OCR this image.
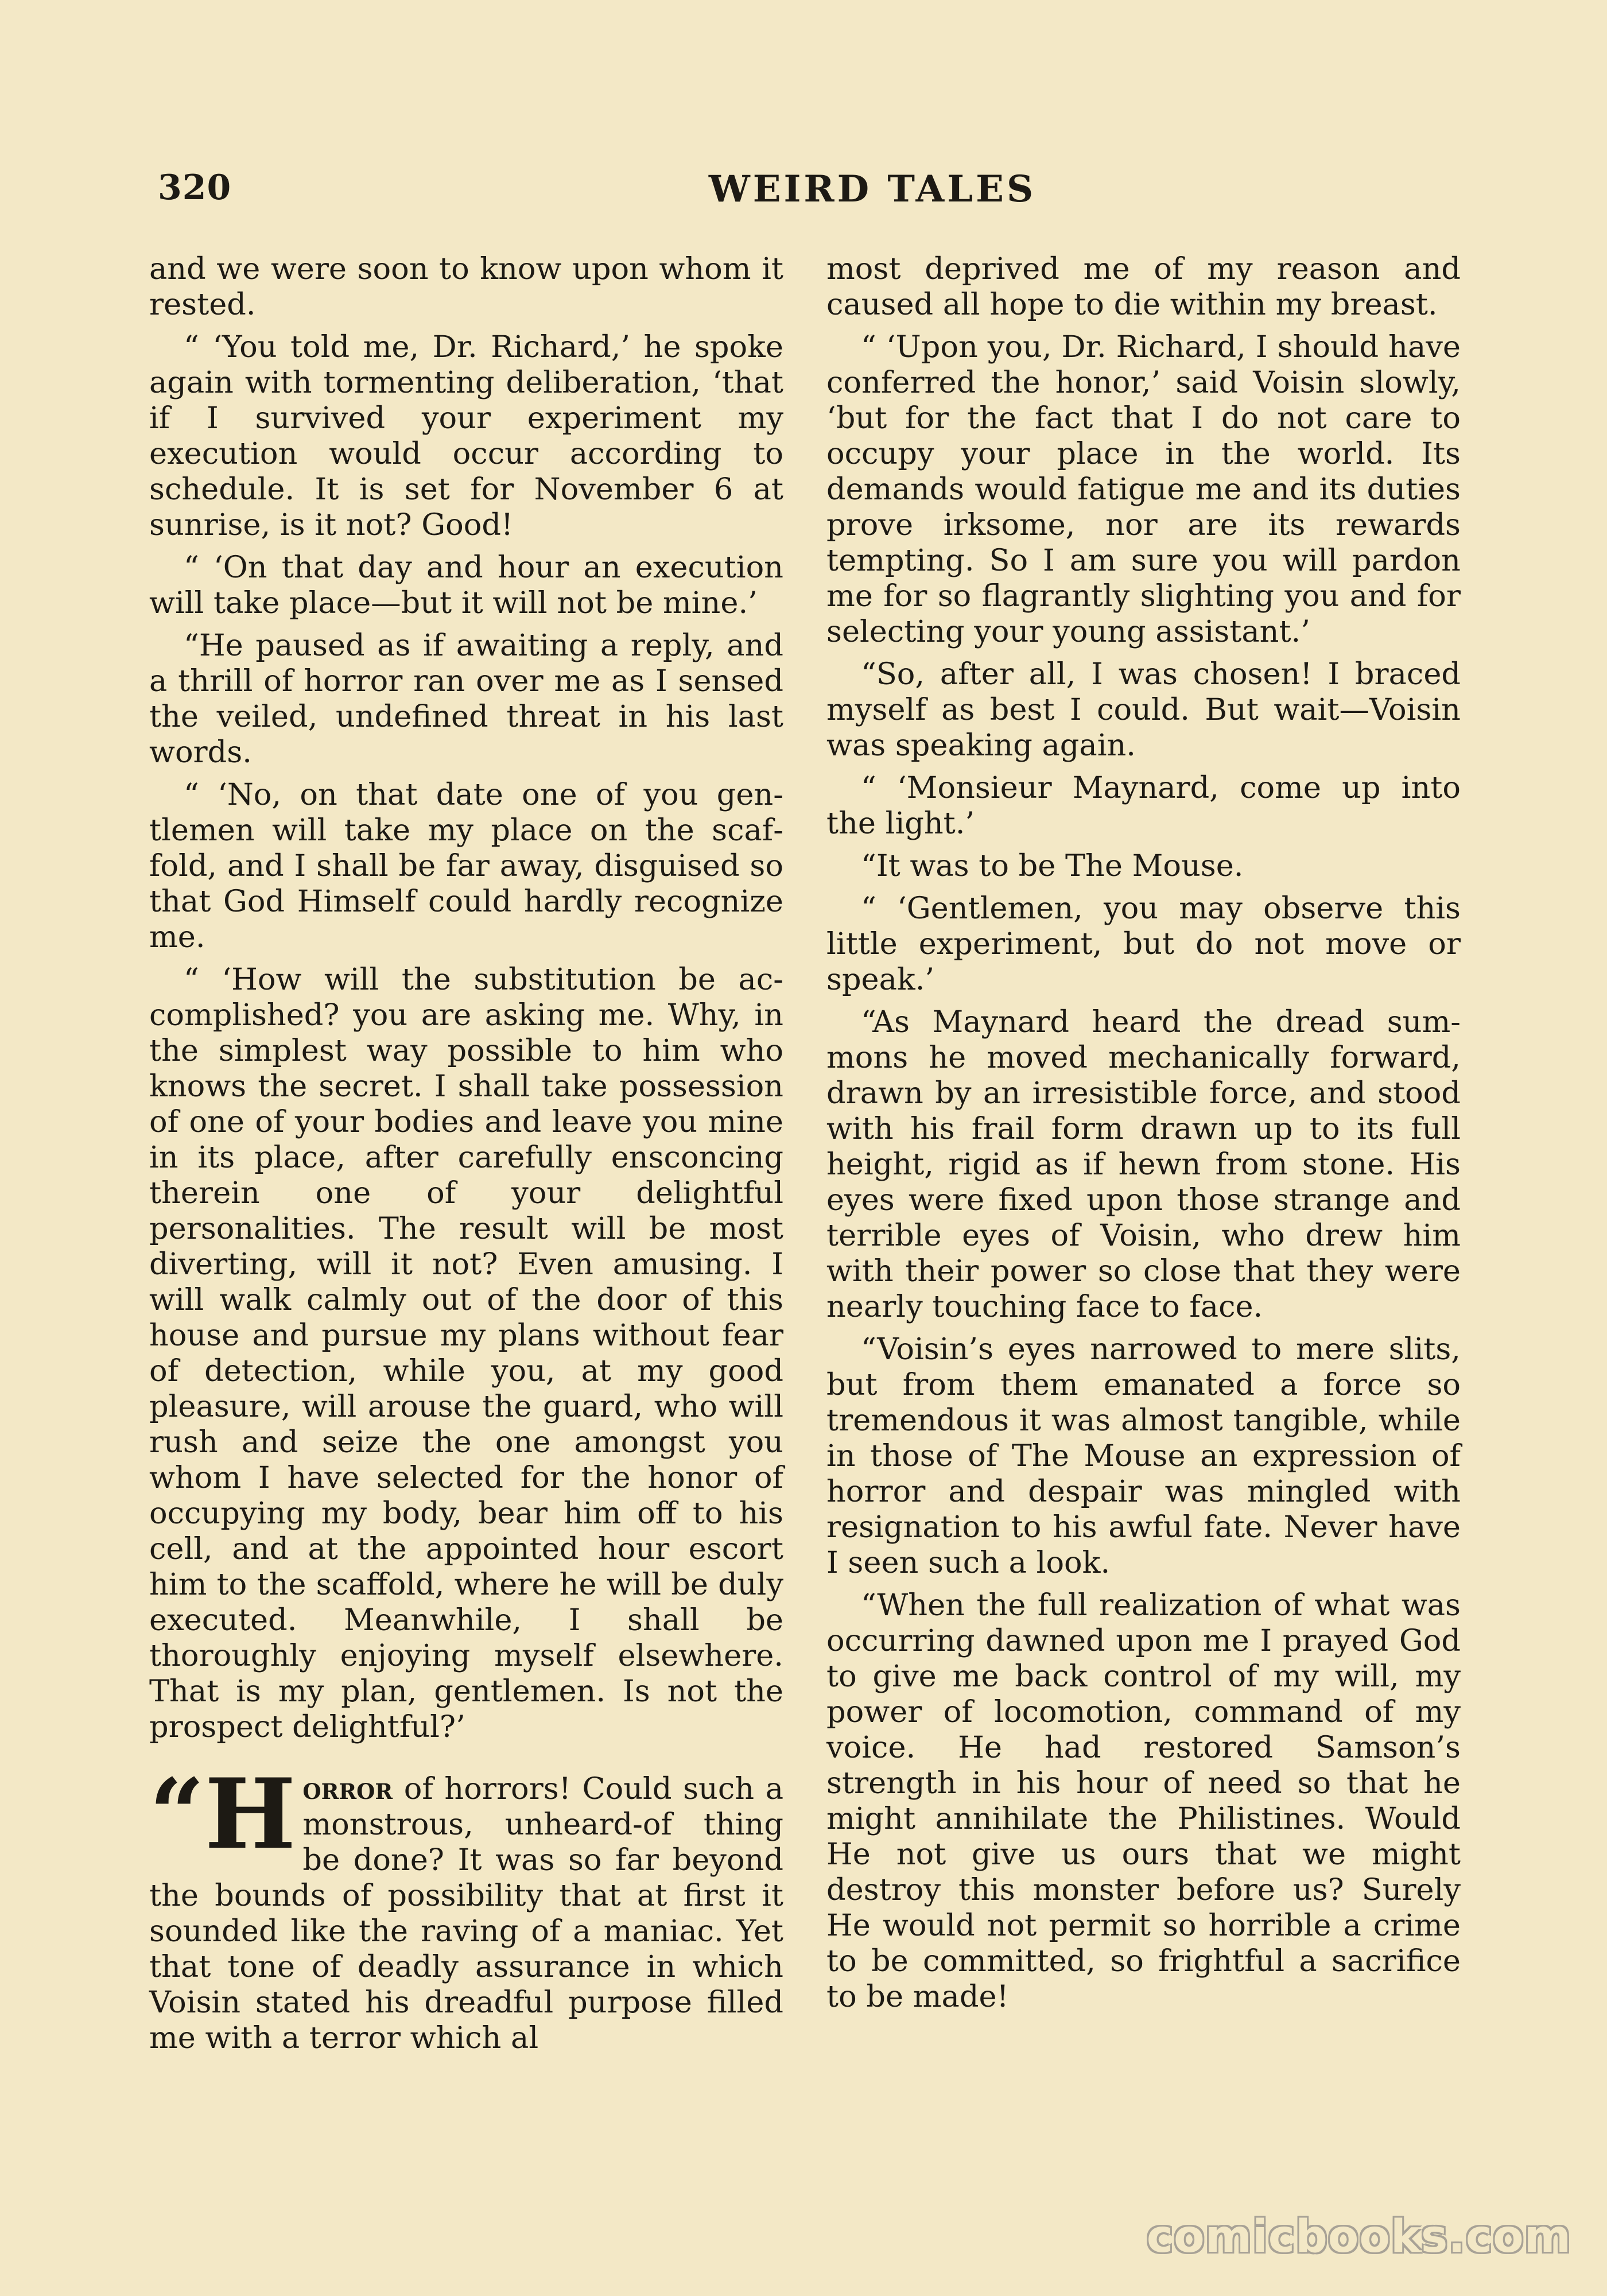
320	WEIRD TALES

and we were soon to know upon whom it rested.

“ ‘You told me, Dr. Richard,’ he spoke again with tormenting deliberation, ‘that if I survived your experiment my execution would occur according to schedule. It is set for November 6 at sunrise, is it not? Good!

“ ‘On that day and hour an execution will take place—but it will not be mine.’

“He paused as if awaiting a reply, and a thrill of horror ran over me as I sensed the veiled, undefined threat in his last words.

“ ‘No, on that date one of you gentlemen will take my place on the scaffold, and I shall be far away, disguised so that God Himself could hardly recognize me.

“ ‘How will the substitution be accomplished? you are asking me. Why, in the simplest way possible to him who knows the secret. I shall take possession of one of your bodies and leave you mine in its place, after carefully ensconcing therein one of your delightful personalities. The result will be most diverting, will it not? Even amusing. I will walk calmly out of the door of this house and pursue my plans without fear of detection, while you, at my good pleasure, will arouse the guard, who will rush and seize the one amongst you whom I have selected for the honor of occupying my body, bear him off to his cell, and at the appointed hour escort him to the scaffold, where he will be duly executed. Meanwhile, I shall be thoroughly enjoying myself elsewhere. That is my plan, gentlemen. Is not the prospect delightful?’

“H orror of horrors! Could such a monstrous, unheard-of thing be done? It was so far beyond the bounds of possibility that at first it sounded like the raving of a maniac. Yet that tone of deadly assurance in which Voisin stated his dreadful purpose filled me with a terror which al

most deprived me of my reason and caused all hope to die within my breast.

“ ‘Upon you, Dr. Richard, I should have conferred the honor,’ said Voisin slowly, ‘but for the fact that I do not care to occupy your place in the world. Its demands would fatigue me and its duties prove irksome, nor are its rewards tempting. So I am sure you will pardon me for so flagrantly slighting you and for selecting your young assistant.’

“So, after all, I was chosen! I braced myself as best I could. But wait—Voisin was speaking again.

“ ‘Monsieur Maynard, come up into the light.’

“It was to be The Mouse.

“ ‘Gentlemen, you may observe this little experiment, but do not move or speak.’

“As Maynard heard the dread summons he moved mechanically forward, drawn by an irresistible force, and stood with his frail form drawn up to its full height, rigid as if hewn from stone. His eyes were fixed upon those strange and terrible eyes of Voisin, who drew him with their power so close that they were nearly touching face to face.

“Voisin’s eyes narrowed to mere slits, but from them emanated a force so tremendous it was almost tangible, while in those of The Mouse an expression of horror and despair was mingled with resignation to his awful fate. Never have I seen such a look.

“When the full realization of what was occurring dawned upon me I prayed God to give me back control of my will, my power of locomotion, command of my voice. He had restored Samson’s strength in his hour of need so that he might annihilate the Philistines. Would He not give us ours that we might destroy this monster before us? Surely He would not permit so horrible a crime to be committed, so frightful a sacrifice to be made!

comicbooks.com
